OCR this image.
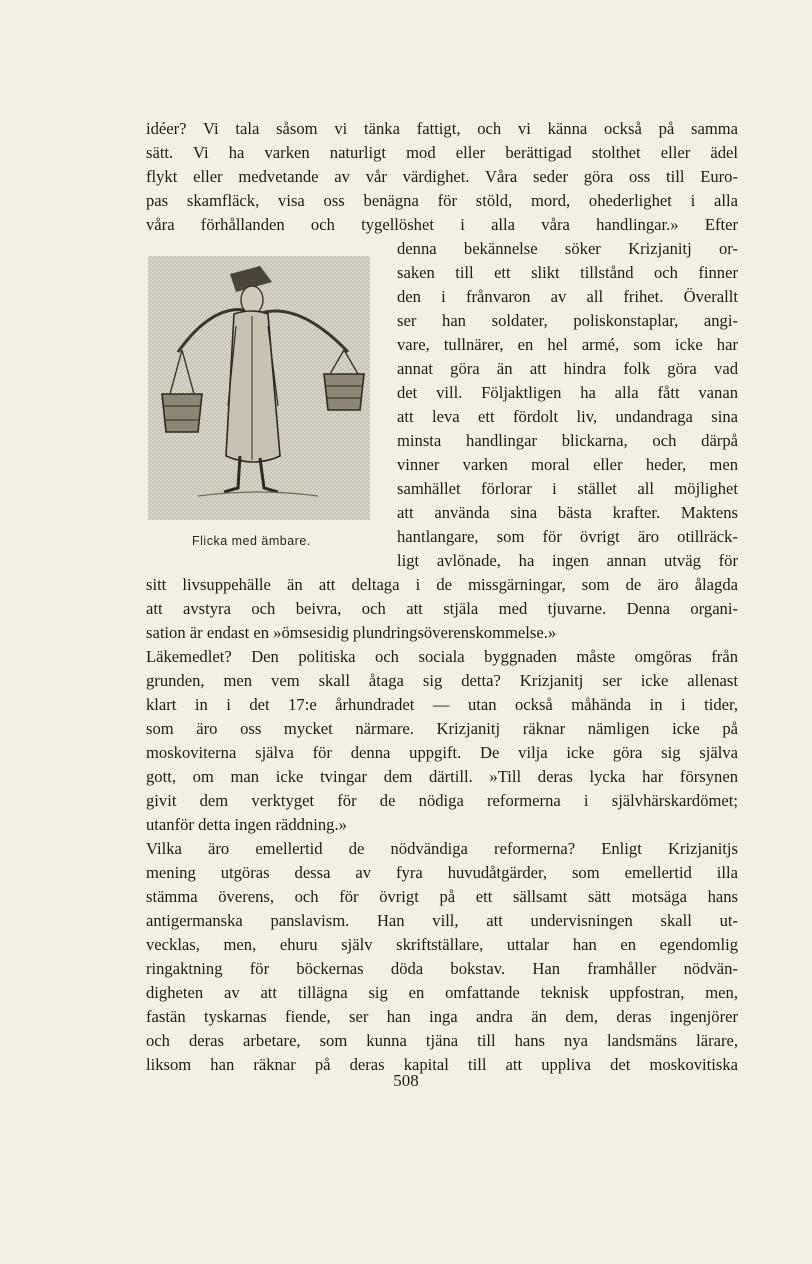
idéer? Vi tala såsom vi tänka fattigt, och vi känna också på samma
sätt. Vi ha varken naturligt mod eller berättigad stolthet eller ädel
flykt eller medvetande av vår värdighet. Våra seder göra oss till Euro-
pas skamfläck, visa oss benägna för stöld, mord, ohederlighet i alla
våra förhållanden och tygellöshet i alla våra handlingar.» Efter
denna bekännelse söker Krizjanitj or-
saken till ett slikt tillstånd och finner
den i frånvaron av all frihet. Överallt
ser han soldater, poliskonstaplar, angi-
vare, tullnärer, en hel armé, som icke har
annat göra än att hindra folk göra vad
det vill. Följaktligen ha alla fått vanan
att leva ett fördolt liv, undandraga sina
minsta handlingar blickarna, och därpå
vinner varken moral eller heder, men
samhället förlorar i stället all möjlighet
att använda sina bästa krafter. Maktens
hantlangare, som för övrigt äro otillräck-
ligt avlönade, ha ingen annan utväg för
sitt livsuppehälle än att deltaga i de missgärningar, som de äro ålagda
att avstyra och beivra, och att stjäla med tjuvarne. Denna organi-
sation är endast en »ömsesidig plundringsöverenskommelse.»
Läkemedlet? Den politiska och sociala byggnaden måste omgöras från
grunden, men vem skall åtaga sig detta? Krizjanitj ser icke allenast
klart in i det 17:e århundradet — utan också måhända in i tider,
som äro oss mycket närmare. Krizjanitj räknar nämligen icke på
moskoviterna själva för denna uppgift. De vilja icke göra sig själva
gott, om man icke tvingar dem därtill. »Till deras lycka har försynen
givit dem verktyget för de nödiga reformerna i självhärskardömet;
utanför detta ingen räddning.»
Vilka äro emellertid de nödvändiga reformerna? Enligt Krizjanitjs
mening utgöras dessa av fyra huvudåtgärder, som emellertid illa
stämma överens, och för övrigt på ett sällsamt sätt motsäga hans
antigermanska panslavism. Han vill, att undervisningen skall ut-
vecklas, men, ehuru själv skriftställare, uttalar han en egendomlig
ringaktning för böckernas döda bokstav. Han framhåller nödvän-
digheten av att tillägna sig en omfattande teknisk uppfostran, men,
fastän tyskarnas fiende, ser han inga andra än dem, deras ingenjörer
och deras arbetare, som kunna tjäna till hans nya landsmäns lärare,
Flicka med ämbare.
508
liksom han räknar på deras kapital till att uppliva det moskovitiska
